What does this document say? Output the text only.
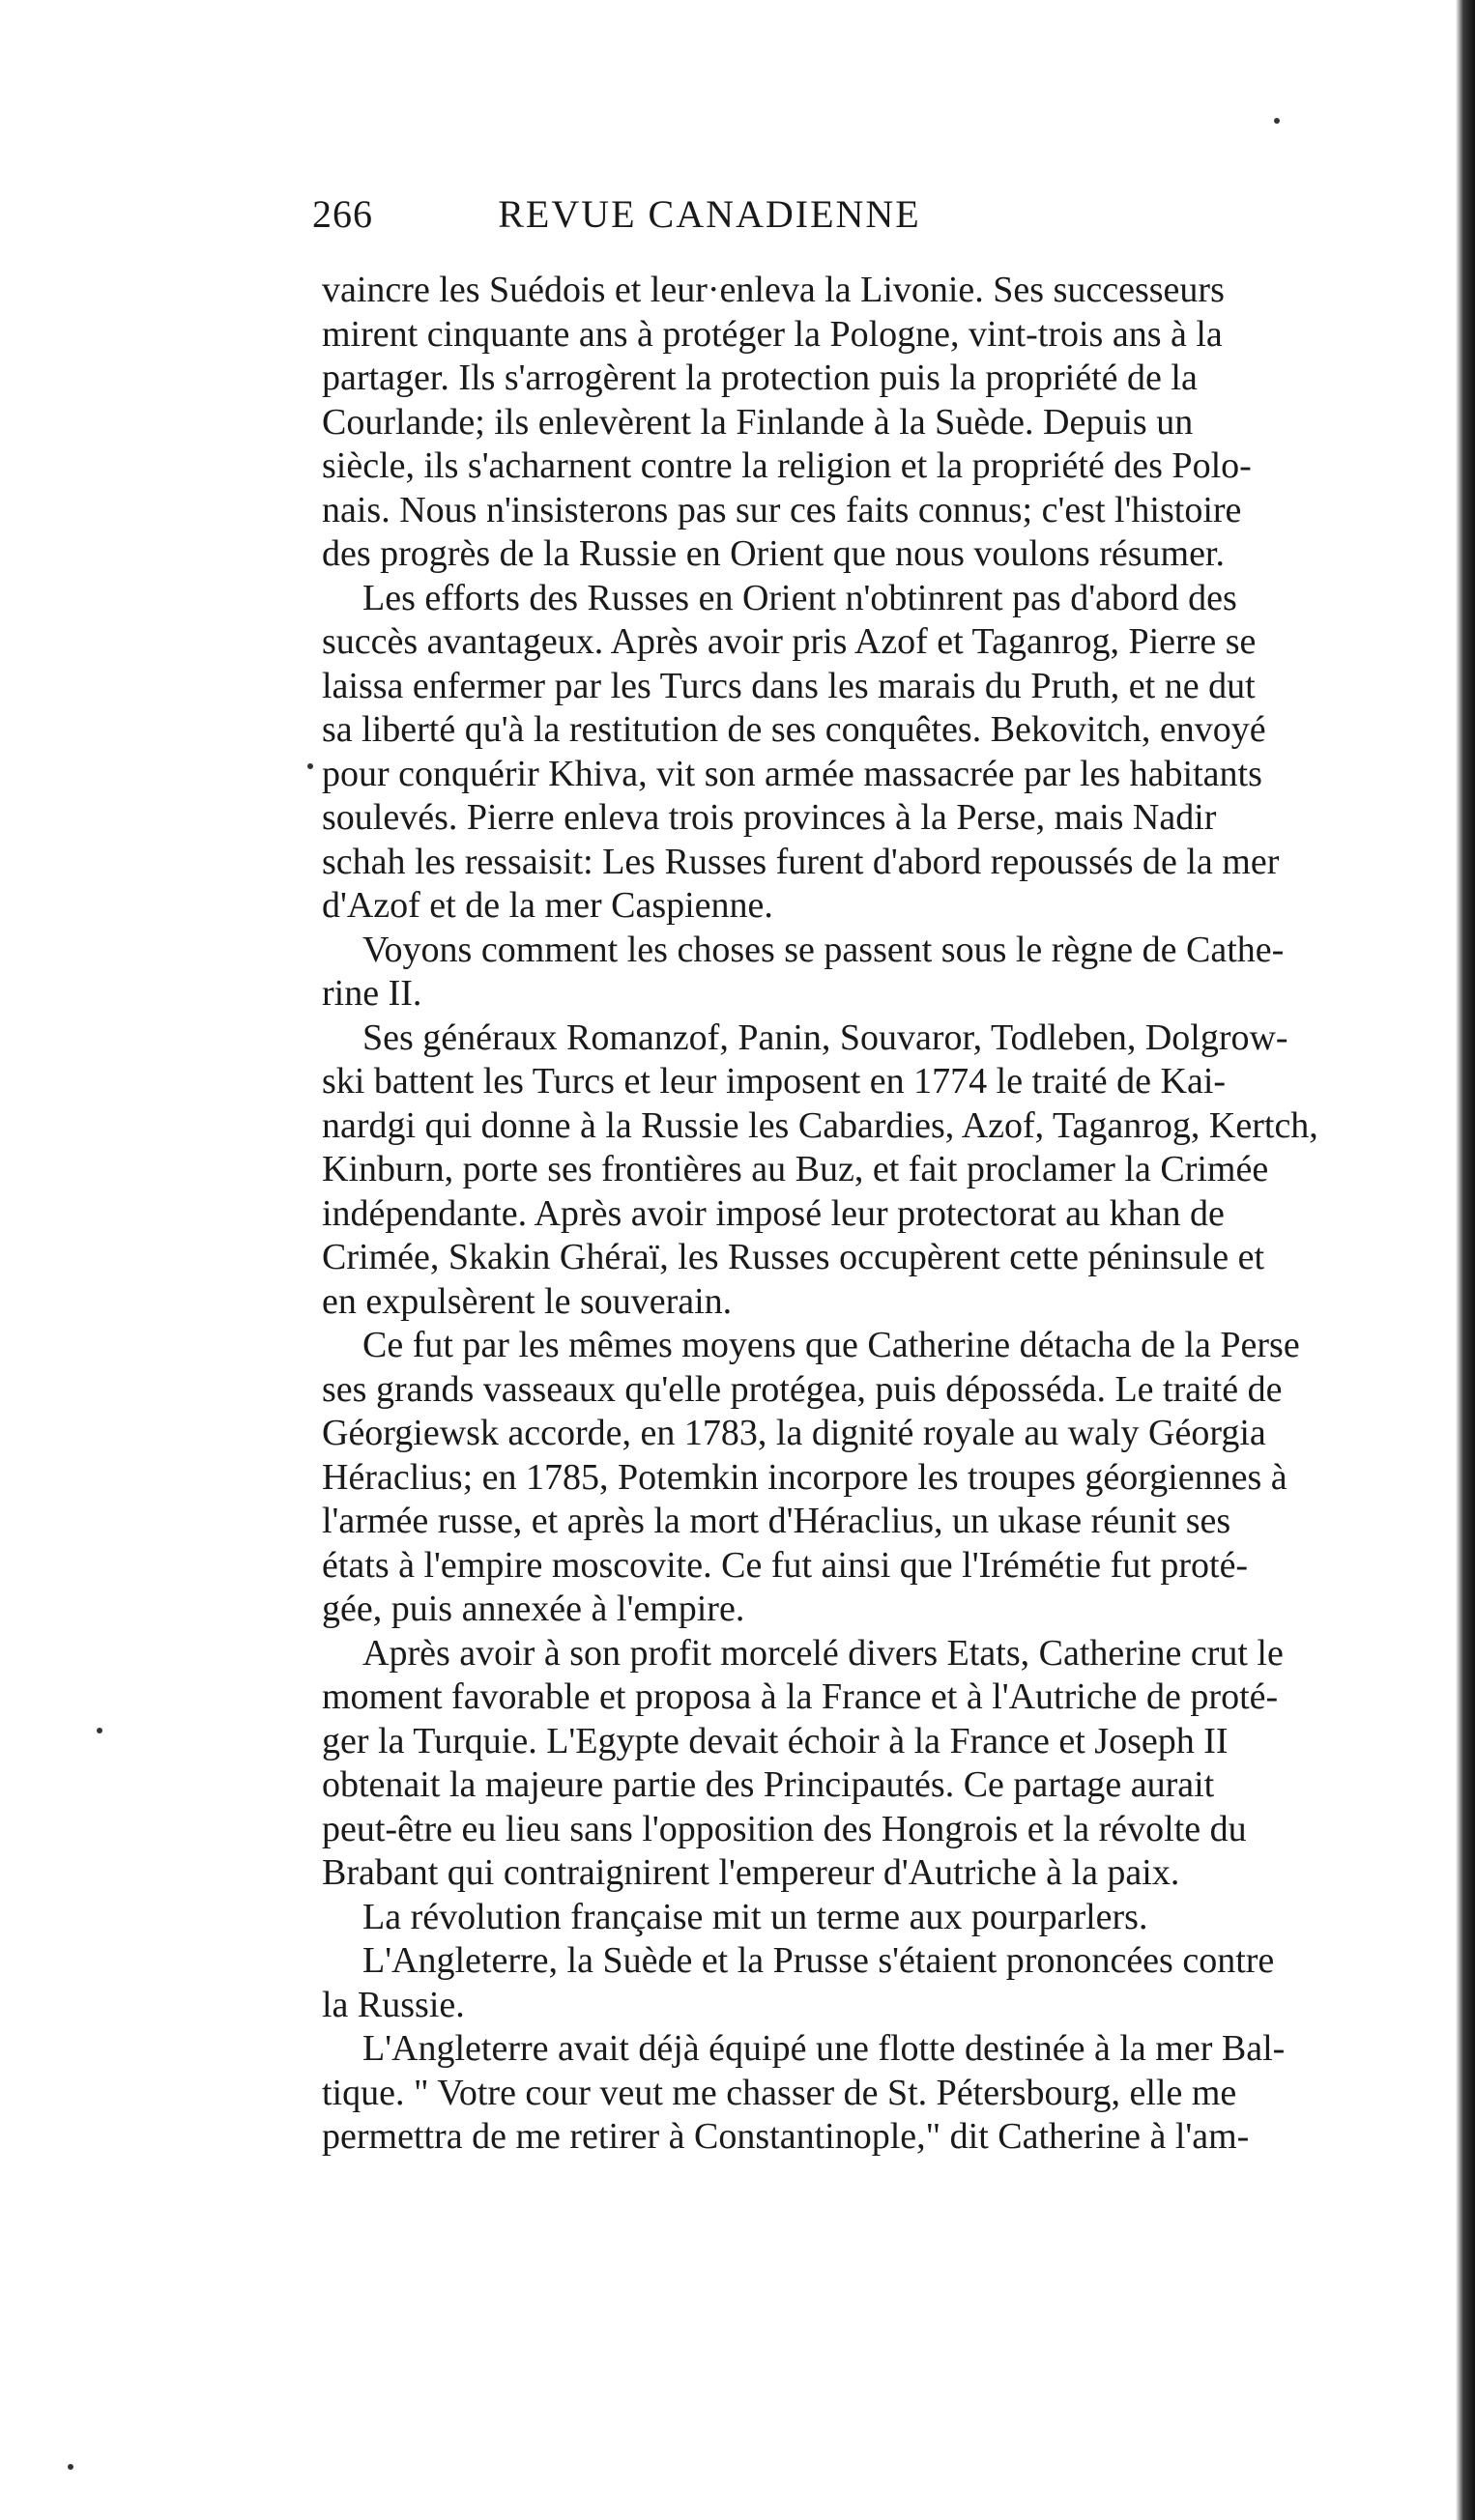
266	REVUE CANADIENNE
vaincre les Suédois et leur·enleva la Livonie. Ses successeurs
mirent cinquante ans à protéger la Pologne, vint-trois ans à la
partager. Ils s'arrogèrent la protection puis la propriété de la
Courlande; ils enlevèrent la Finlande à la Suède. Depuis un
siècle, ils s'acharnent contre la religion et la propriété des Polo-
nais. Nous n'insisterons pas sur ces faits connus; c'est l'histoire
des progrès de la Russie en Orient que nous voulons résumer.
Les efforts des Russes en Orient n'obtinrent pas d'abord des
succès avantageux. Après avoir pris Azof et Taganrog, Pierre se
laissa enfermer par les Turcs dans les marais du Pruth, et ne dut
sa liberté qu'à la restitution de ses conquêtes. Bekovitch, envoyé
pour conquérir Khiva, vit son armée massacrée par les habitants
soulevés. Pierre enleva trois provinces à la Perse, mais Nadir
schah les ressaisit: Les Russes furent d'abord repoussés de la mer
d'Azof et de la mer Caspienne.
Voyons comment les choses se passent sous le règne de Cathe-
rine II.
Ses généraux Romanzof, Panin, Souvaror, Todleben, Dolgrow-
ski battent les Turcs et leur imposent en 1774 le traité de Kai-
nardgi qui donne à la Russie les Cabardies, Azof, Taganrog, Kertch,
Kinburn, porte ses frontières au Buz, et fait proclamer la Crimée
indépendante. Après avoir imposé leur protectorat au khan de
Crimée, Skakin Ghéraï, les Russes occupèrent cette péninsule et
en expulsèrent le souverain.
Ce fut par les mêmes moyens que Catherine détacha de la Perse
ses grands vasseaux qu'elle protégea, puis déposséda. Le traité de
Géorgiewsk accorde, en 1783, la dignité royale au waly Géorgia
Héraclius; en 1785, Potemkin incorpore les troupes géorgiennes à
l'armée russe, et après la mort d'Héraclius, un ukase réunit ses
états à l'empire moscovite. Ce fut ainsi que l'Irémétie fut proté-
gée, puis annexée à l'empire.
Après avoir à son profit morcelé divers Etats, Catherine crut le
moment favorable et proposa à la France et à l'Autriche de proté-
ger la Turquie. L'Egypte devait échoir à la France et Joseph II
obtenait la majeure partie des Principautés. Ce partage aurait
peut-être eu lieu sans l'opposition des Hongrois et la révolte du
Brabant qui contraignirent l'empereur d'Autriche à la paix.
La révolution française mit un terme aux pourparlers.
L'Angleterre, la Suède et la Prusse s'étaient prononcées contre
la Russie.
L'Angleterre avait déjà équipé une flotte destinée à la mer Bal-
tique. " Votre cour veut me chasser de St. Pétersbourg, elle me
permettra de me retirer à Constantinople," dit Catherine à l'am-
